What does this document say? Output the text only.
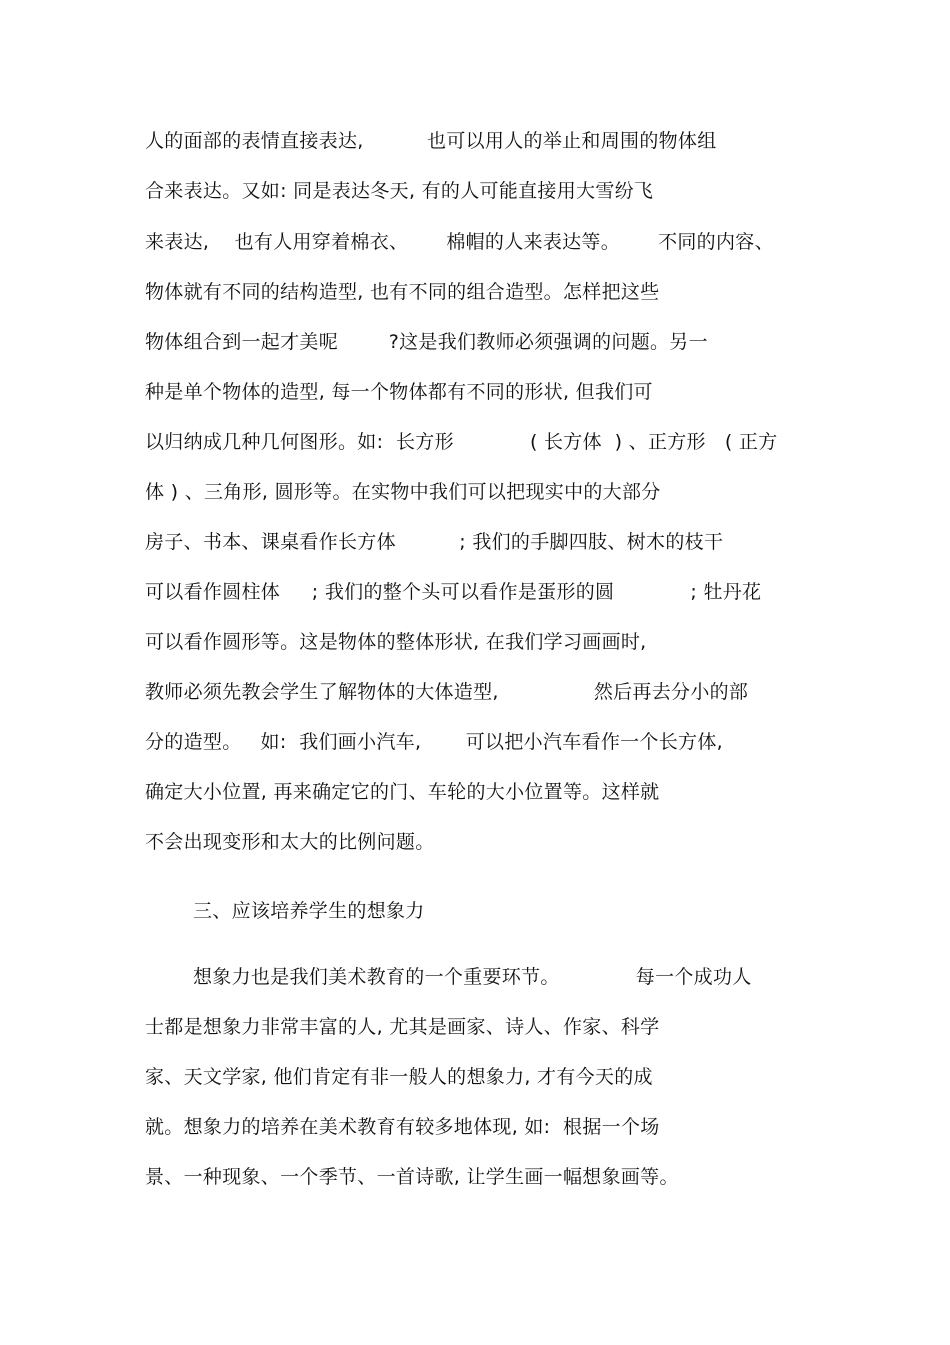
人的面部的表情直接表达,          也可以用人的举止和周围的物体组
合来表达。又如: 同是表达冬天, 有的人可能直接用大雪纷飞
来表达,    也有人用穿着棉衣、      棉帽的人来表达等。      不同的内容、
物体就有不同的结构造型, 也有不同的组合造型。怎样把这些
物体组合到一起才美呢        ?这是我们教师必须强调的问题。另一
种是单个物体的造型, 每一个物体都有不同的形状, 但我们可
以归纳成几种几何图形。如:  长方形            ( 长方体  ) 、正方形   ( 正方
体 ) 、三角形, 圆形等。在实物中我们可以把现实中的大部分
房子、书本、课桌看作长方体          ; 我们的手脚四肢、树木的枝干
可以看作圆柱体     ; 我们的整个头可以看作是蛋形的圆            ; 牡丹花
可以看作圆形等。这是物体的整体形状, 在我们学习画画时,
教师必须先教会学生了解物体的大体造型,               然后再去分小的部
分的造型。   如:  我们画小汽车,       可以把小汽车看作一个长方体,
确定大小位置, 再来确定它的门、车轮的大小位置等。这样就
不会出现变形和太大的比例问题。
三、应该培养学生的想象力
想象力也是我们美术教育的一个重要环节。            每一个成功人
士都是想象力非常丰富的人, 尤其是画家、诗人、作家、科学
家、天文学家, 他们肯定有非一般人的想象力, 才有今天的成
就。想象力的培养在美术教育有较多地体现, 如:  根据一个场
景、一种现象、一个季节、一首诗歌, 让学生画一幅想象画等。
